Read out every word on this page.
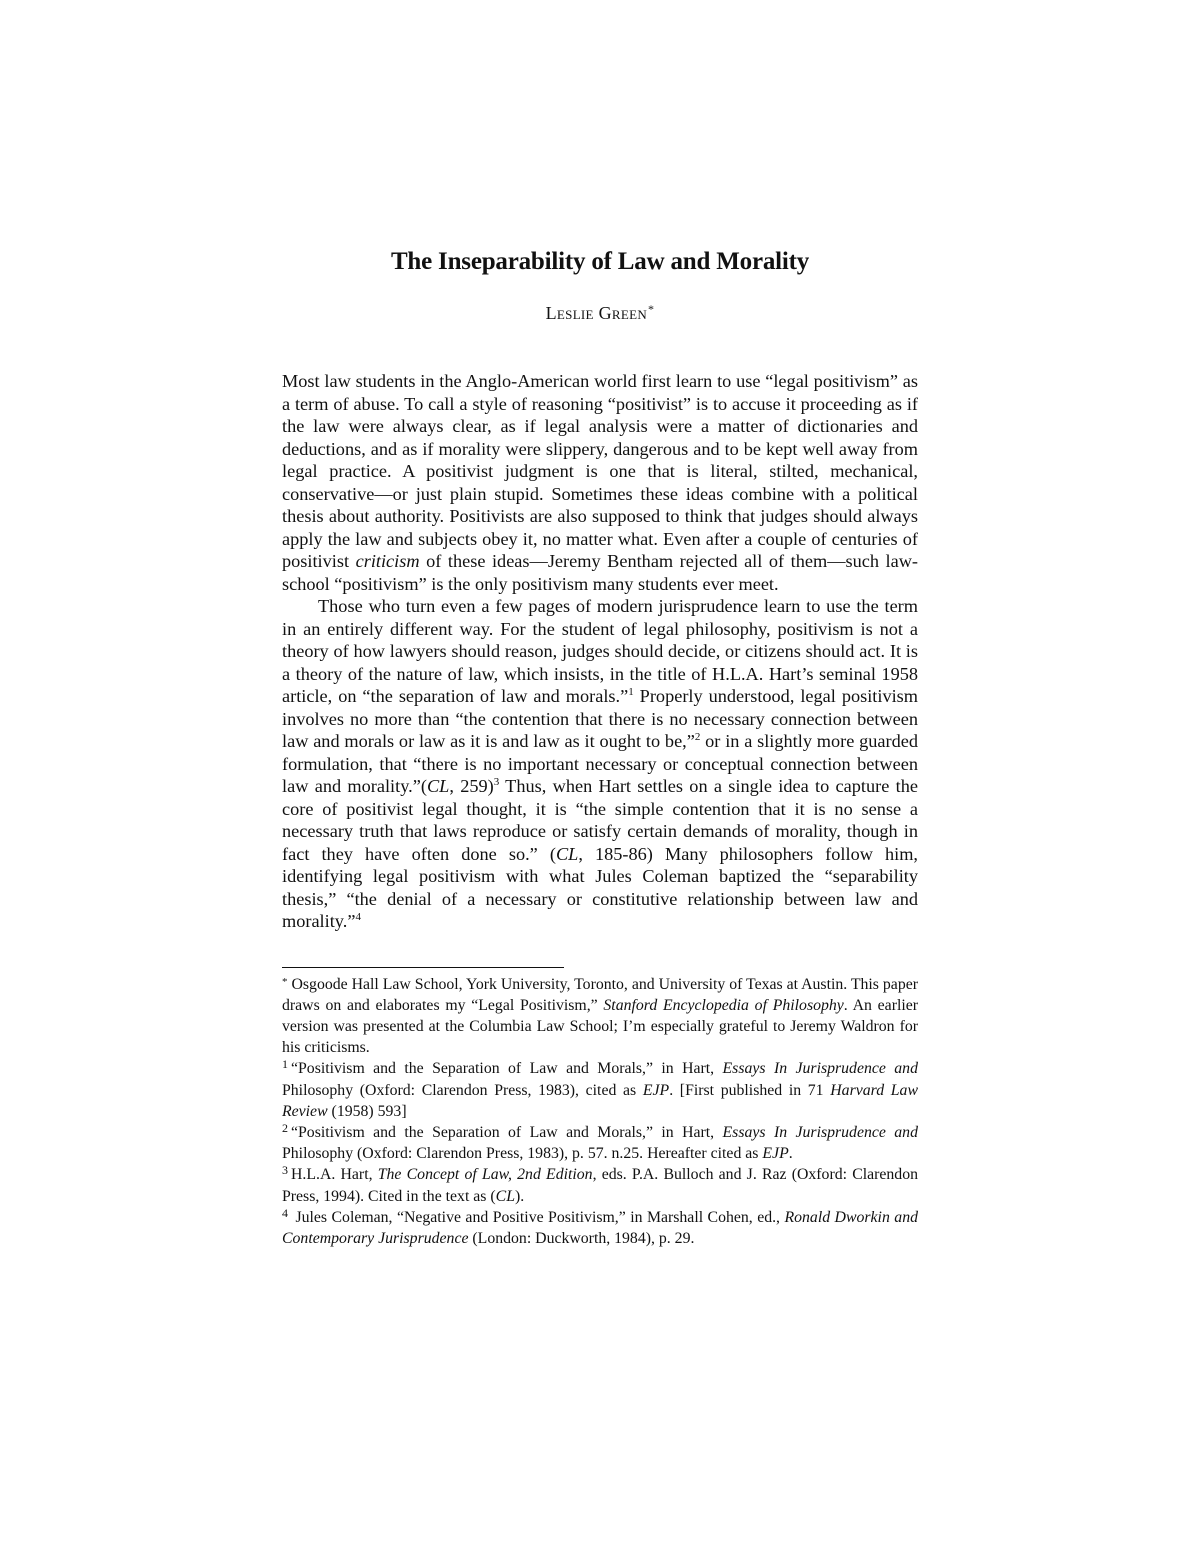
The Inseparability of Law and Morality
Leslie Green*

Most law students in the Anglo-American world first learn to use “legal positivism” as a term of abuse. To call a style of reasoning “positivist” is to accuse it proceeding as if the law were always clear, as if legal analysis were a matter of dictionaries and deductions, and as if morality were slippery, dangerous and to be kept well away from legal practice. A positivist judgment is one that is literal, stilted, mechanical, conservative—or just plain stupid. Sometimes these ideas combine with a political thesis about authority. Positivists are also supposed to think that judges should always apply the law and subjects obey it, no matter what. Even after a couple of centuries of positivist criticism of these ideas—Jeremy Bentham rejected all of them—such law-school “positivism” is the only positivism many students ever meet.

Those who turn even a few pages of modern jurisprudence learn to use the term in an entirely different way. For the student of legal philosophy, positivism is not a theory of how lawyers should reason, judges should decide, or citizens should act. It is a theory of the nature of law, which insists, in the title of H.L.A. Hart’s seminal 1958 article, on “the separation of law and morals.”$^1$ Properly understood, legal positivism involves no more than “the contention that there is no necessary connection between law and morals or law as it is and law as it ought to be,”$^2$ or in a slightly more guarded formulation, that “there is no important necessary or conceptual connection between law and morality.”(CL, 259)$^3$ Thus, when Hart settles on a single idea to capture the core of positivist legal thought, it is “the simple contention that it is no sense a necessary truth that laws reproduce or satisfy certain demands of morality, though in fact they have often done so.” (CL, 185-86) Many philosophers follow him, identifying legal positivism with what Jules Coleman baptized the “separability thesis,” “the denial of a necessary or constitutive relationship between law and morality.”$^4$

* Osgoode Hall Law School, York University, Toronto, and University of Texas at Austin. This paper draws on and elaborates my “Legal Positivism,” Stanford Encyclopedia of Philosophy. An earlier version was presented at the Columbia Law School; I’m especially grateful to Jeremy Waldron for his criticisms.

$^1$ “Positivism and the Separation of Law and Morals,” in Hart, Essays In Jurisprudence and Philosophy (Oxford: Clarendon Press, 1983), cited as EJP. [First published in 71 Harvard Law Review (1958) 593]

$^2$ “Positivism and the Separation of Law and Morals,” in Hart, Essays In Jurisprudence and Philosophy (Oxford: Clarendon Press, 1983), p. 57. n.25. Hereafter cited as EJP.

$^3$ H.L.A. Hart, The Concept of Law, 2nd Edition, eds. P.A. Bulloch and J. Raz (Oxford: Clarendon Press, 1994). Cited in the text as (CL).

$^4$ Jules Coleman, “Negative and Positive Positivism,” in Marshall Cohen, ed., Ronald Dworkin and Contemporary Jurisprudence (London: Duckworth, 1984), p. 29.
